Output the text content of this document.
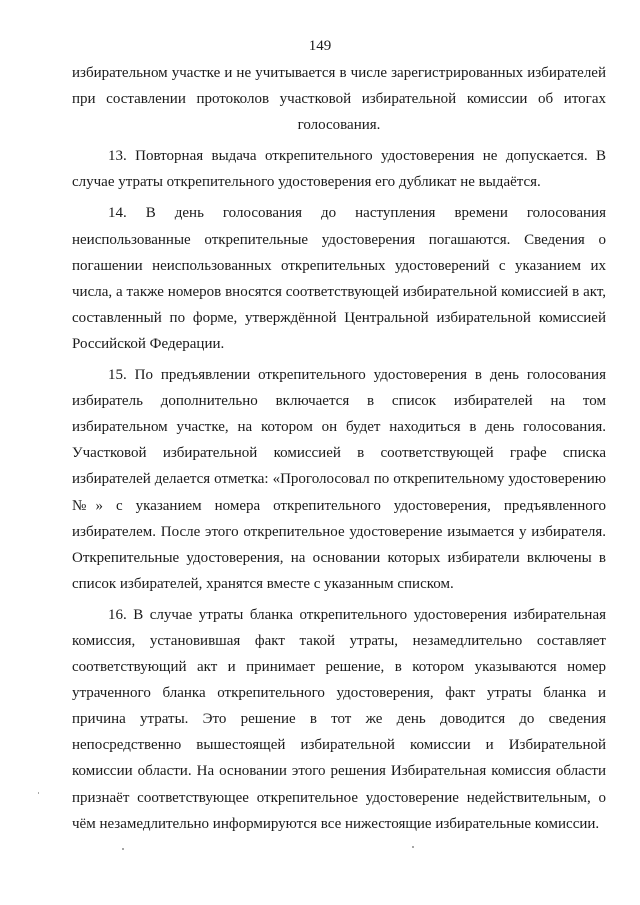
149

избирательном участке и не учитывается в числе зарегистрированных избирателей при составлении протоколов участковой избирательной комиссии об итогах голосования.

13. Повторная выдача открепительного удостоверения не допускается. В случае утраты открепительного удостоверения его дубликат не выдаётся.

14. В день голосования до наступления времени голосования неиспользованные открепительные удостоверения погашаются. Сведения о погашении неиспользованных открепительных удостоверений с указанием их числа, а также номеров вносятся соответствующей избирательной комиссией в акт, составленный по форме, утверждённой Центральной избирательной комиссией Российской Федерации.

15. По предъявлении открепительного удостоверения в день голосования избиратель дополнительно включается в список избирателей на том избирательном участке, на котором он будет находиться в день голосования. Участковой избирательной комиссией в соответствующей графе списка избирателей делается отметка: «Проголосовал по открепительному удостоверению №» с указанием номера открепительного удостоверения, предъявленного избирателем. После этого открепительное удостоверение изымается у избирателя. Открепительные удостоверения, на основании которых избиратели включены в список избирателей, хранятся вместе с указанным списком.

16. В случае утраты бланка открепительного удостоверения избирательная комиссия, установившая факт такой утраты, незамедлительно составляет соответствующий акт и принимает решение, в котором указываются номер утраченного бланка открепительного удостоверения, факт утраты бланка и причина утраты. Это решение в тот же день доводится до сведения непосредственно вышестоящей избирательной комиссии и Избирательной комиссии области. На основании этого решения Избирательная комиссия области признаёт соответствующее открепительное удостоверение недействительным, о чём незамедлительно информируются все нижестоящие избирательные комиссии.
